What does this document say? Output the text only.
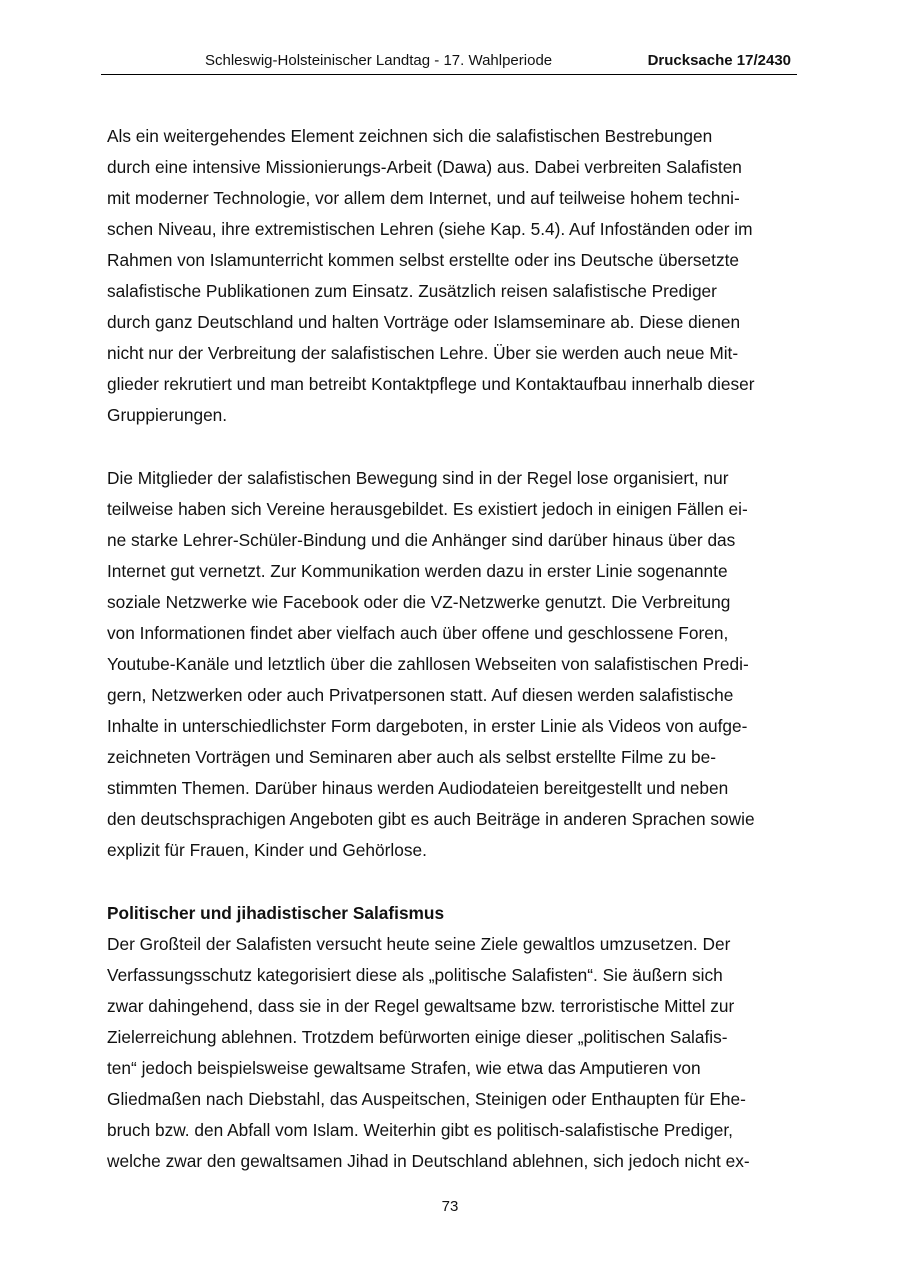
Schleswig-Holsteinischer Landtag - 17. Wahlperiode	Drucksache 17/2430
Als ein weitergehendes Element zeichnen sich die salafistischen Bestrebungen
durch eine intensive Missionierungs-Arbeit (Dawa) aus. Dabei verbreiten Salafisten
mit moderner Technologie, vor allem dem Internet, und auf teilweise hohem techni-
schen Niveau, ihre extremistischen Lehren (siehe Kap. 5.4). Auf Infoständen oder im
Rahmen von Islamunterricht kommen selbst erstellte oder ins Deutsche übersetzte
salafistische Publikationen zum Einsatz. Zusätzlich reisen salafistische Prediger
durch ganz Deutschland und halten Vorträge oder Islamseminare ab. Diese dienen
nicht nur der Verbreitung der salafistischen Lehre. Über sie werden auch neue Mit-
glieder rekrutiert und man betreibt Kontaktpflege und Kontaktaufbau innerhalb dieser
Gruppierungen.
Die Mitglieder der salafistischen Bewegung sind in der Regel lose organisiert, nur
teilweise haben sich Vereine herausgebildet. Es existiert jedoch in einigen Fällen ei-
ne starke Lehrer-Schüler-Bindung und die Anhänger sind darüber hinaus über das
Internet gut vernetzt. Zur Kommunikation werden dazu in erster Linie sogenannte
soziale Netzwerke wie Facebook oder die VZ-Netzwerke genutzt. Die Verbreitung
von Informationen findet aber vielfach auch über offene und geschlossene Foren,
Youtube-Kanäle und letztlich über die zahllosen Webseiten von salafistischen Predi-
gern, Netzwerken oder auch Privatpersonen statt. Auf diesen werden salafistische
Inhalte in unterschiedlichster Form dargeboten, in erster Linie als Videos von aufge-
zeichneten Vorträgen und Seminaren aber auch als selbst erstellte Filme zu be-
stimmten Themen. Darüber hinaus werden Audiodateien bereitgestellt und neben
den deutschsprachigen Angeboten gibt es auch Beiträge in anderen Sprachen sowie
explizit für Frauen, Kinder und Gehörlose.
Politischer und jihadistischer Salafismus
Der Großteil der Salafisten versucht heute seine Ziele gewaltlos umzusetzen. Der
Verfassungsschutz kategorisiert diese als „politische Salafisten“. Sie äußern sich
zwar dahingehend, dass sie in der Regel gewaltsame bzw. terroristische Mittel zur
Zielerreichung ablehnen. Trotzdem befürworten einige dieser „politischen Salafis-
ten“ jedoch beispielsweise gewaltsame Strafen, wie etwa das Amputieren von
Gliedmaßen nach Diebstahl, das Auspeitschen, Steinigen oder Enthaupten für Ehe-
bruch bzw. den Abfall vom Islam. Weiterhin gibt es politisch-salafistische Prediger,
welche zwar den gewaltsamen Jihad in Deutschland ablehnen, sich jedoch nicht ex-
73
